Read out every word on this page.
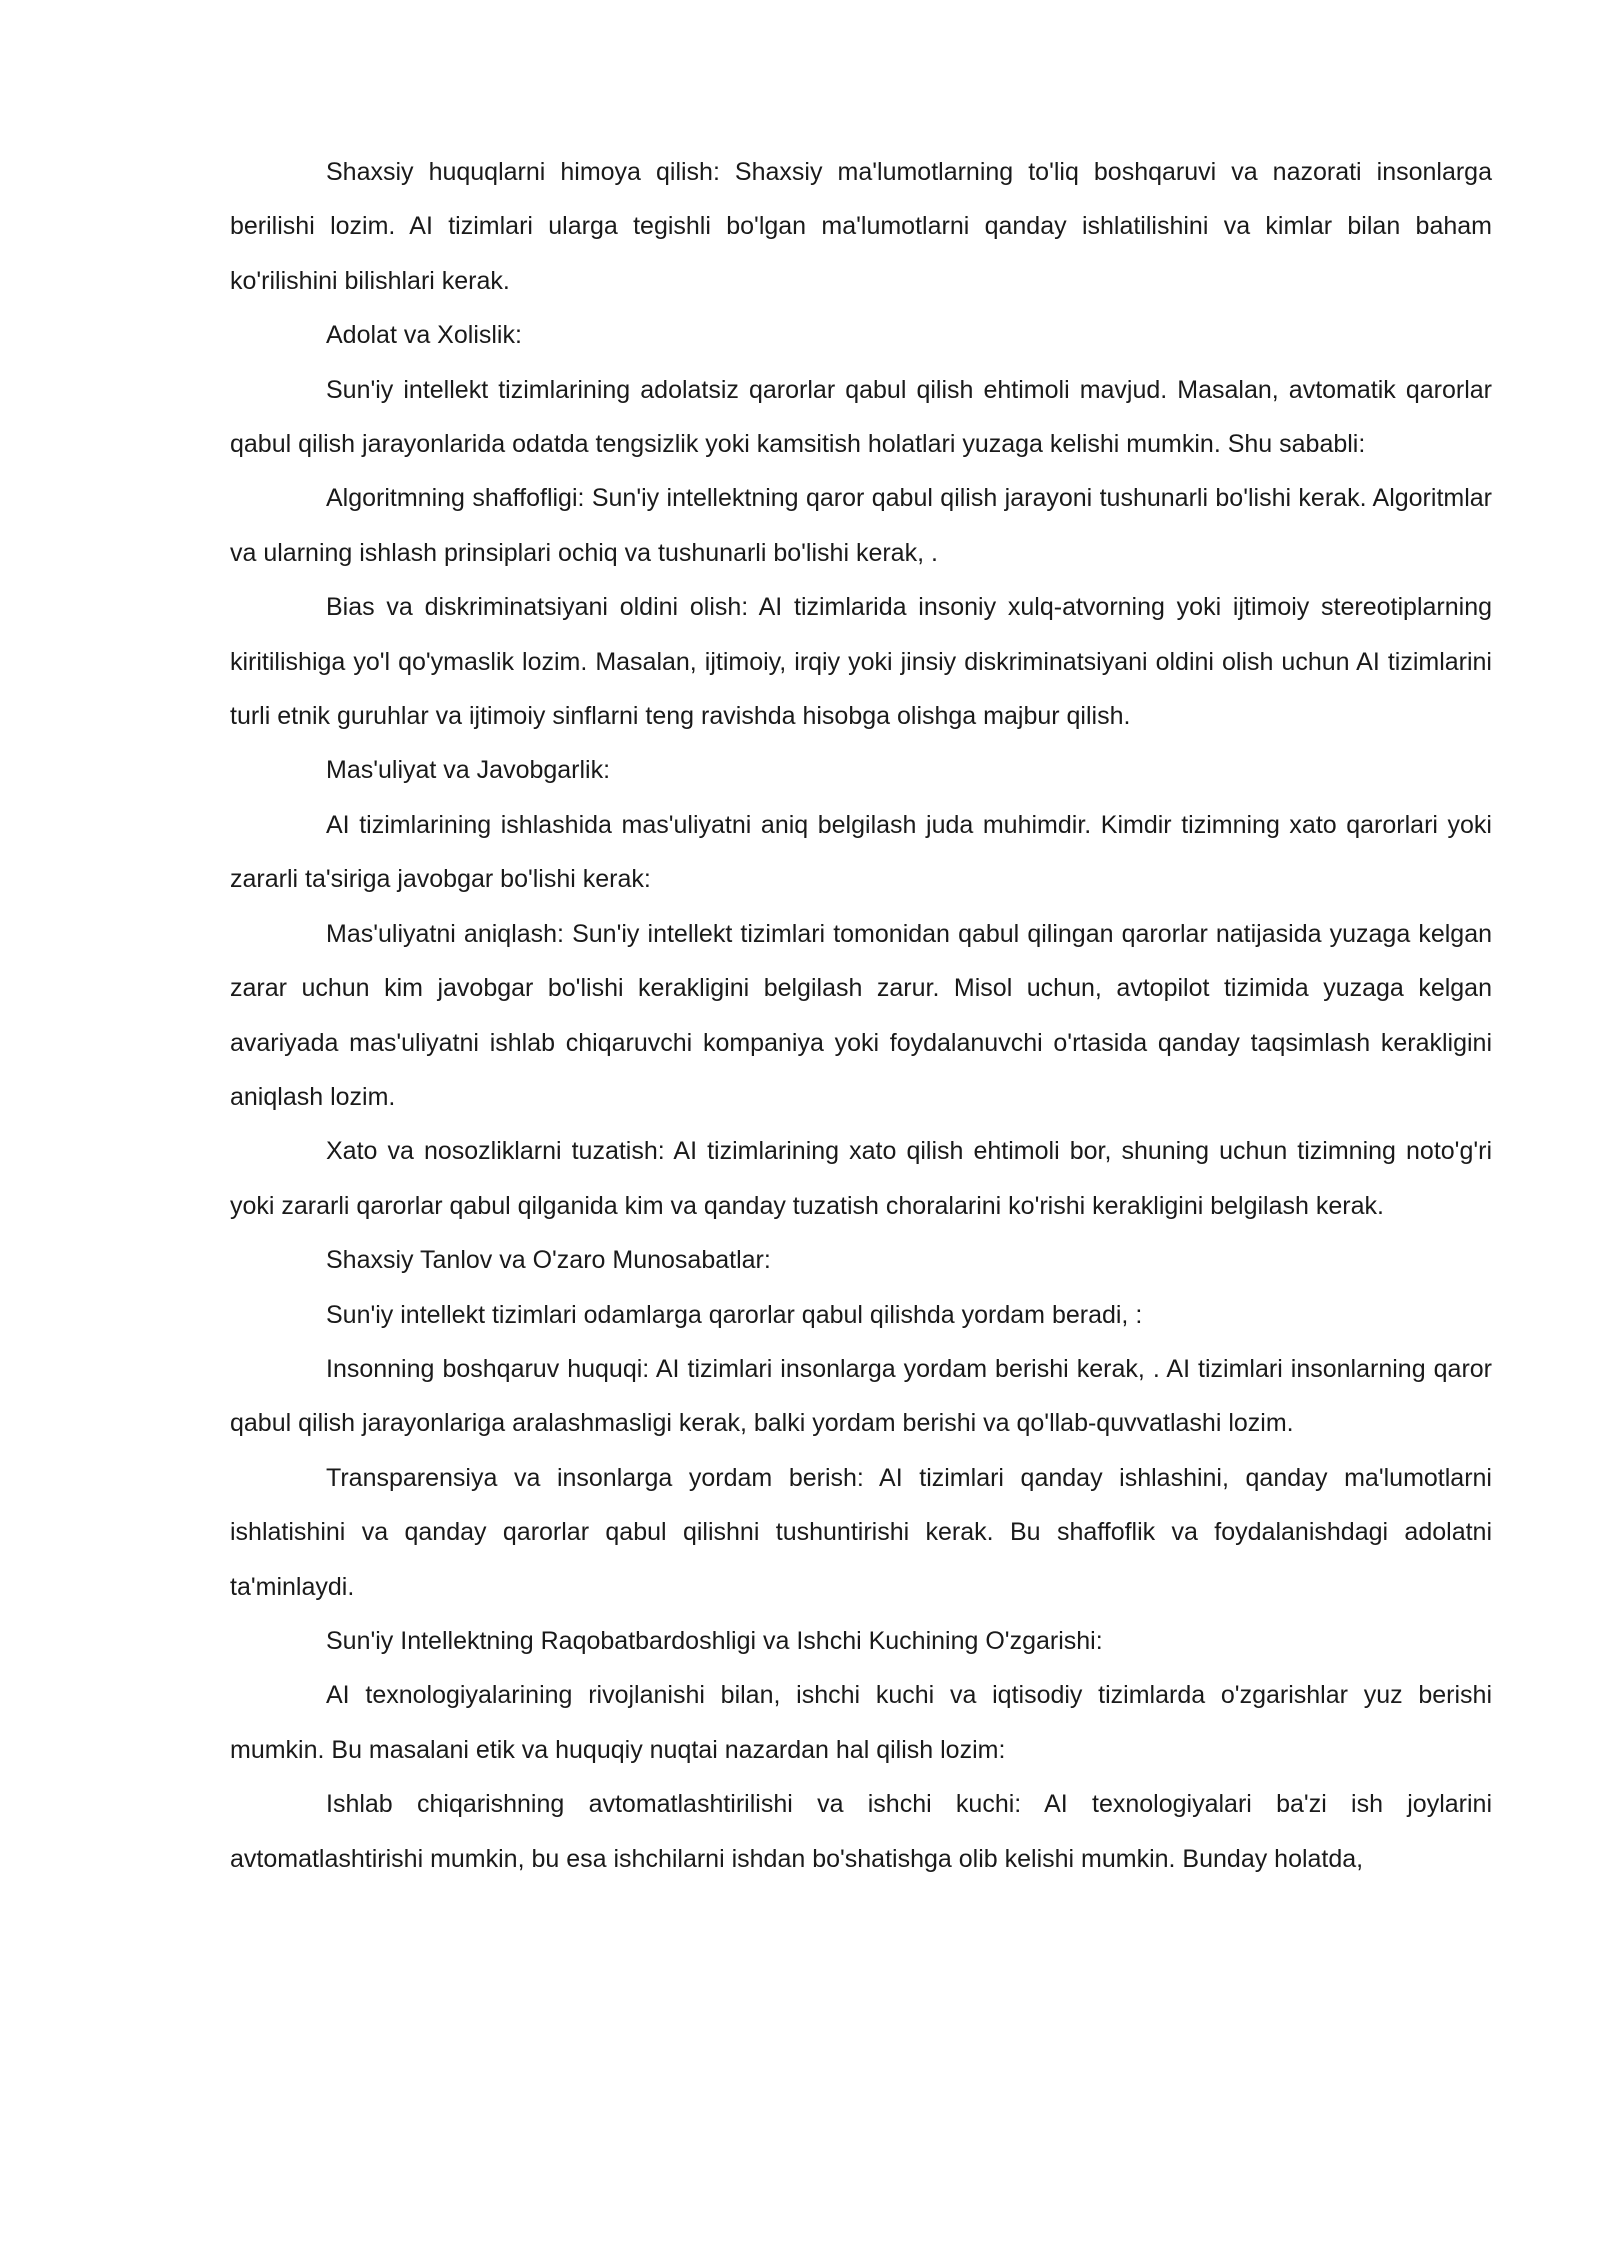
Shaxsiy huquqlarni himoya qilish: Shaxsiy ma'lumotlarning to'liq boshqaruvi va nazorati insonlarga berilishi lozim. AI tizimlari ularga tegishli bo'lgan ma'lumotlarni qanday ishlatilishini va kimlar bilan baham ko'rilishini bilishlari kerak.

Adolat va Xolislik:

Sun'iy intellekt tizimlarining adolatsiz qarorlar qabul qilish ehtimoli mavjud. Masalan, avtomatik qarorlar qabul qilish jarayonlarida odatda tengsizlik yoki kamsitish holatlari yuzaga kelishi mumkin. Shu sababli:

Algoritmning shaffofligi: Sun'iy intellektning qaror qabul qilish jarayoni tushunarli bo'lishi kerak. Algoritmlar va ularning ishlash prinsiplari ochiq va tushunarli bo'lishi kerak, .

Bias va diskriminatsiyani oldini olish: AI tizimlarida insoniy xulq-atvorning yoki ijtimoiy stereotiplarning kiritilishiga yo'l qo'ymaslik lozim. Masalan, ijtimoiy, irqiy yoki jinsiy diskriminatsiyani oldini olish uchun AI tizimlarini turli etnik guruhlar va ijtimoiy sinflarni teng ravishda hisobga olishga majbur qilish.

Mas'uliyat va Javobgarlik:

AI tizimlarining ishlashida mas'uliyatni aniq belgilash juda muhimdir. Kimdir tizimning xato qarorlari yoki zararli ta'siriga javobgar bo'lishi kerak:

Mas'uliyatni aniqlash: Sun'iy intellekt tizimlari tomonidan qabul qilingan qarorlar natijasida yuzaga kelgan zarar uchun kim javobgar bo'lishi kerakligini belgilash zarur. Misol uchun, avtopilot tizimida yuzaga kelgan avariyada mas'uliyatni ishlab chiqaruvchi kompaniya yoki foydalanuvchi o'rtasida qanday taqsimlash kerakligini aniqlash lozim.

Xato va nosozliklarni tuzatish: AI tizimlarining xato qilish ehtimoli bor, shuning uchun tizimning noto'g'ri yoki zararli qarorlar qabul qilganida kim va qanday tuzatish choralarini ko'rishi kerakligini belgilash kerak.

Shaxsiy Tanlov va O'zaro Munosabatlar:

Sun'iy intellekt tizimlari odamlarga qarorlar qabul qilishda yordam beradi, :

Insonning boshqaruv huquqi: AI tizimlari insonlarga yordam berishi kerak, . AI tizimlari insonlarning qaror qabul qilish jarayonlariga aralashmasligi kerak, balki yordam berishi va qo'llab-quvvatlashi lozim.

Transparensiya va insonlarga yordam berish: AI tizimlari qanday ishlashini, qanday ma'lumotlarni ishlatishini va qanday qarorlar qabul qilishni tushuntirishi kerak. Bu shaffoflik va foydalanishdagi adolatni ta'minlaydi.

Sun'iy Intellektning Raqobatbardoshligi va Ishchi Kuchining O'zgarishi:

AI texnologiyalarining rivojlanishi bilan, ishchi kuchi va iqtisodiy tizimlarda o'zgarishlar yuz berishi mumkin. Bu masalani etik va huquqiy nuqtai nazardan hal qilish lozim:

Ishlab chiqarishning avtomatlashtirilishi va ishchi kuchi: AI texnologiyalari ba'zi ish joylarini avtomatlashtirishi mumkin, bu esa ishchilarni ishdan bo'shatishga olib kelishi mumkin. Bunday holatda,
